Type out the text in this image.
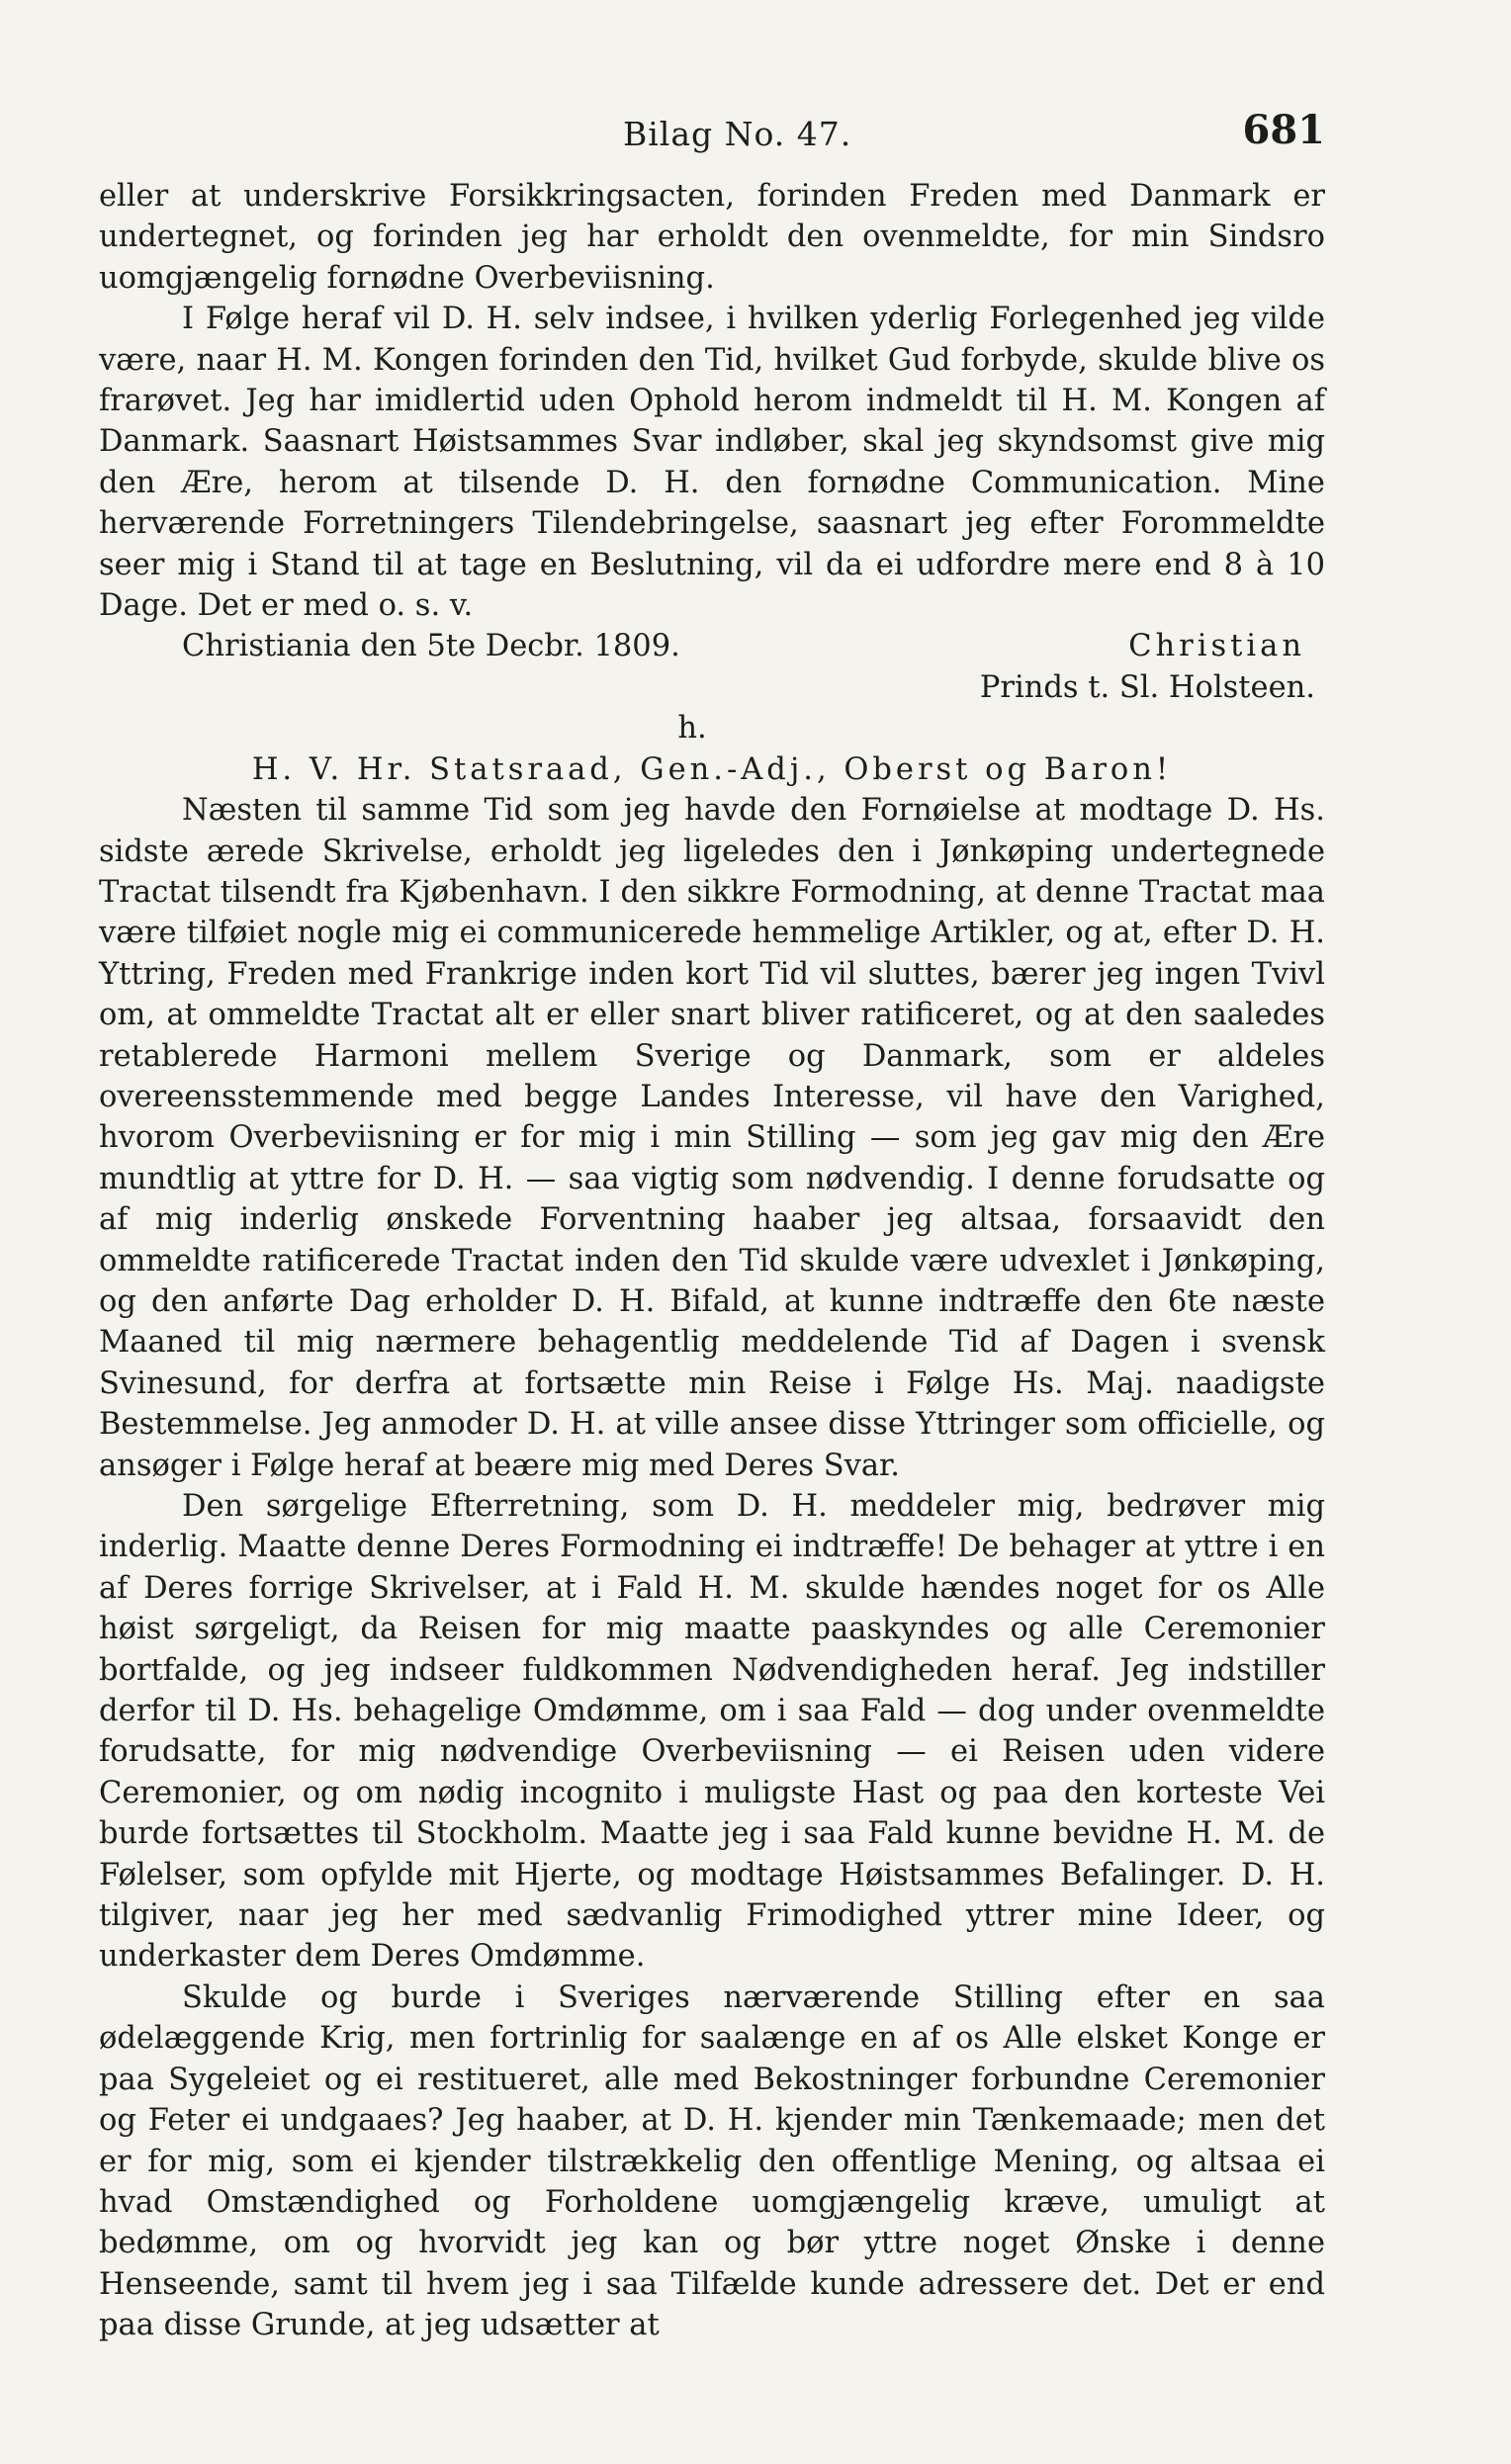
Bilag No. 47.	681

eller at underskrive Forsikkringsacten, forinden Freden med Danmark er undertegnet, og forinden jeg har erholdt den ovenmeldte, for min Sindsro uomgjængelig fornødne Overbeviisning.

I Følge heraf vil D. H. selv indsee, i hvilken yderlig Forlegenhed jeg vilde være, naar H. M. Kongen forinden den Tid, hvilket Gud forbyde, skulde blive os frarøvet. Jeg har imidlertid uden Ophold herom indmeldt til H. M. Kongen af Danmark. Saasnart Høistsammes Svar indløber, skal jeg skyndsomst give mig den Ære, herom at tilsende D. H. den fornødne Communication. Mine herværende Forretningers Tilendebringelse, saasnart jeg efter Forommeldte seer mig i Stand til at tage en Beslutning, vil da ei udfordre mere end 8 à 10 Dage. Det er med o. s. v.

Christiania den 5te Decbr. 1809.	Christian
Prinds t. Sl. Holsteen.
h.
H. V. Hr. Statsraad, Gen.-Adj., Oberst og Baron!

Næsten til samme Tid som jeg havde den Fornøielse at modtage D. Hs. sidste ærede Skrivelse, erholdt jeg ligeledes den i Jønkøping undertegnede Tractat tilsendt fra Kjøbenhavn. I den sikkre Formodning, at denne Tractat maa være tilføiet nogle mig ei communicerede hemmelige Artikler, og at, efter D. H. Yttring, Freden med Frankrige inden kort Tid vil sluttes, bærer jeg ingen Tvivl om, at ommeldte Tractat alt er eller snart bliver ratificeret, og at den saaledes retablerede Harmoni mellem Sverige og Danmark, som er aldeles overeensstemmende med begge Landes Interesse, vil have den Varighed, hvorom Overbeviisning er for mig i min Stilling — som jeg gav mig den Ære mundtlig at yttre for D. H. — saa vigtig som nødvendig. I denne forudsatte og af mig inderlig ønskede Forventning haaber jeg altsaa, forsaavidt den ommeldte ratificerede Tractat inden den Tid skulde være udvexlet i Jønkøping, og den anførte Dag erholder D. H. Bifald, at kunne indtræffe den 6te næste Maaned til mig nærmere behagentlig meddelende Tid af Dagen i svensk Svinesund, for derfra at fortsætte min Reise i Følge Hs. Maj. naadigste Bestemmelse. Jeg anmoder D. H. at ville ansee disse Yttringer som officielle, og ansøger i Følge heraf at beære mig med Deres Svar.

Den sørgelige Efterretning, som D. H. meddeler mig, bedrøver mig inderlig. Maatte denne Deres Formodning ei indtræffe! De behager at yttre i en af Deres forrige Skrivelser, at i Fald H. M. skulde hændes noget for os Alle høist sørgeligt, da Reisen for mig maatte paaskyndes og alle Ceremonier bortfalde, og jeg indseer fuldkommen Nødvendigheden heraf. Jeg indstiller derfor til D. Hs. behagelige Omdømme, om i saa Fald — dog under ovenmeldte forudsatte, for mig nødvendige Overbeviisning — ei Reisen uden videre Ceremonier, og om nødig incognito i muligste Hast og paa den korteste Vei burde fortsættes til Stockholm. Maatte jeg i saa Fald kunne bevidne H. M. de Følelser, som opfylde mit Hjerte, og modtage Høistsammes Befalinger. D. H. tilgiver, naar jeg her med sædvanlig Frimodighed yttrer mine Ideer, og underkaster dem Deres Omdømme.

Skulde og burde i Sveriges nærværende Stilling efter en saa ødelæggende Krig, men fortrinlig for saalænge en af os Alle elsket Konge er paa Sygeleiet og ei restitueret, alle med Bekostninger forbundne Ceremonier og Feter ei undgaaes? Jeg haaber, at D. H. kjender min Tænkemaade; men det er for mig, som ei kjender tilstrækkelig den offentlige Mening, og altsaa ei hvad Omstændighed og Forholdene uomgjængelig kræve, umuligt at bedømme, om og hvorvidt jeg kan og bør yttre noget Ønske i denne Henseende, samt til hvem jeg i saa Tilfælde kunde adressere det. Det er end paa disse Grunde, at jeg udsætter at
